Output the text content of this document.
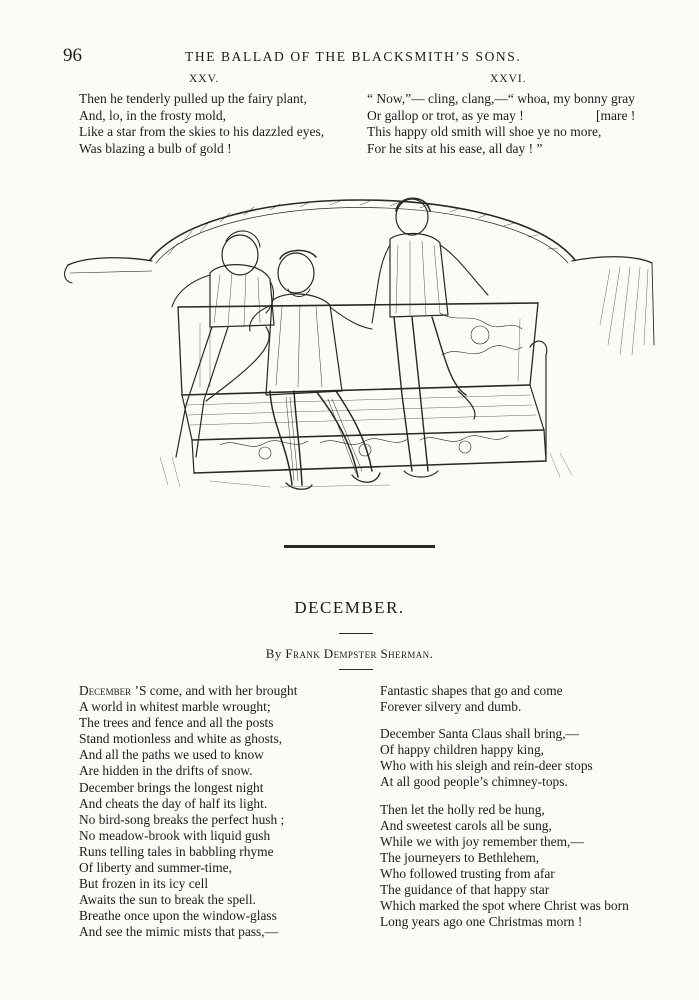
96	THE BALLAD OF THE BLACKSMITH’S SONS.
XXV.
Then he tenderly pulled up the fairy plant,
And, lo, in the frosty mold,
Like a star from the skies to his dazzled eyes,
Was blazing a bulb of gold !
XXVI.
“ Now,”— cling, clang,—“ whoa, my bonny gray
Or gallop or trot, as ye may !	[mare !
This happy old smith will shoe ye no more,
For he sits at his ease, all day ! ”
DECEMBER.
By Frank Dempster Sherman.
December ’S come, and with her brought
A world in whitest marble wrought;
The trees and fence and all the posts
Stand motionless and white as ghosts,
And all the paths we used to know
Are hidden in the drifts of snow.
December brings the longest night
And cheats the day of half its light.
No bird-song breaks the perfect hush ;
No meadow-brook with liquid gush
Runs telling tales in babbling rhyme
Of liberty and summer-time,
But frozen in its icy cell
Awaits the sun to break the spell.
Breathe once upon the window-glass
And see the mimic mists that pass,—
Fantastic shapes that go and come
Forever silvery and dumb.
December Santa Claus shall bring,—
Of happy children happy king,
Who with his sleigh and rein-deer stops
At all good people’s chimney-tops.
Then let the holly red be hung,
And sweetest carols all be sung,
While we with joy remember them,—
The journeyers to Bethlehem,
Who followed trusting from afar
The guidance of that happy star
Which marked the spot where Christ was born
Long years ago one Christmas morn !
